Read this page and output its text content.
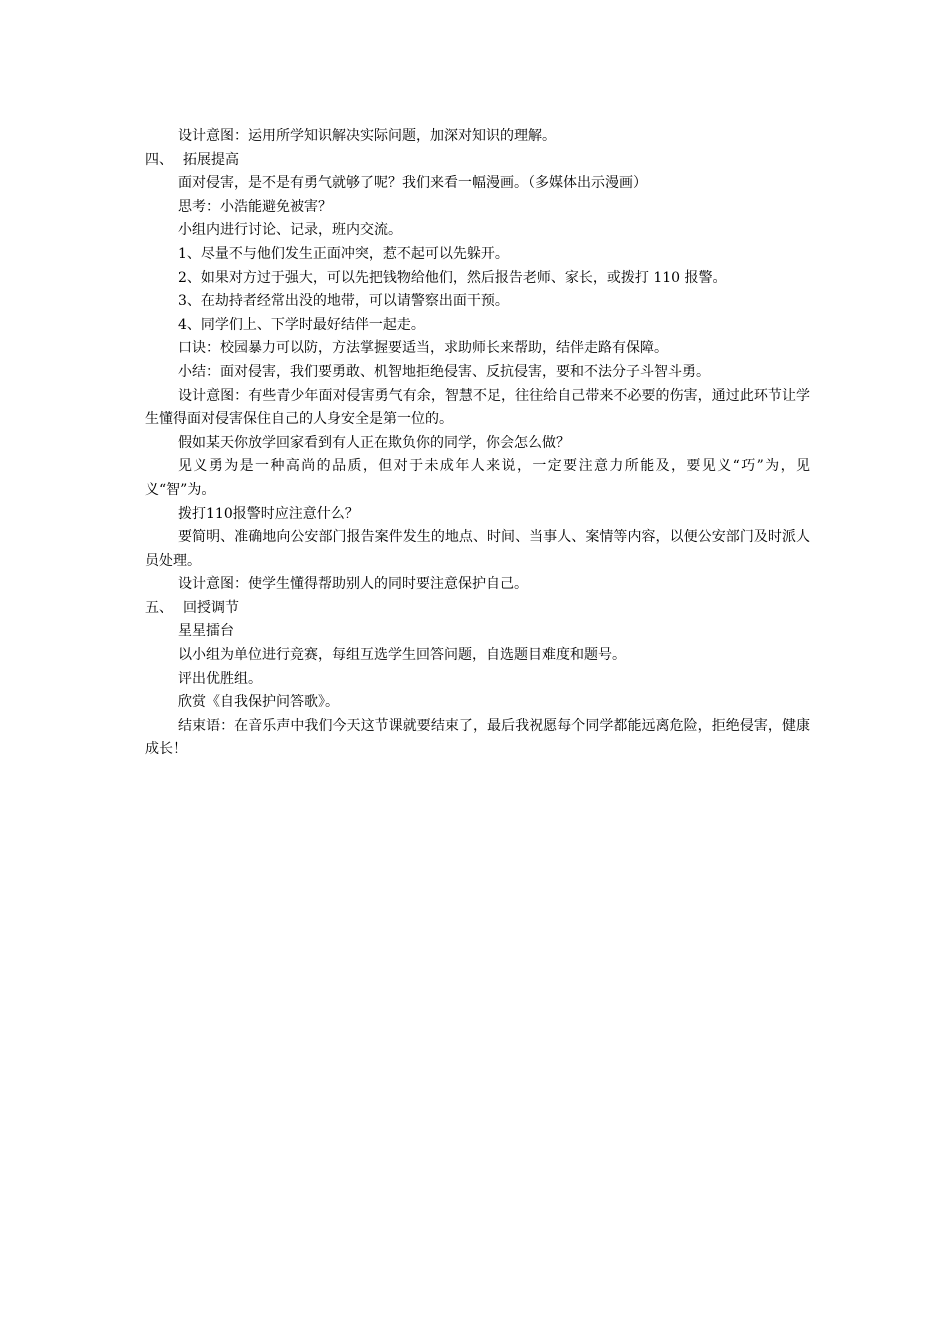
设计意图：运用所学知识解决实际问题，加深对知识的理解。
四、 拓展提高
面对侵害，是不是有勇气就够了呢？我们来看一幅漫画。（多媒体出示漫画）
思考：小浩能避免被害？
小组内进行讨论、记录，班内交流。
1、尽量不与他们发生正面冲突，惹不起可以先躲开。
2、如果对方过于强大，可以先把钱物给他们，然后报告老师、家长，或拨打 110 报警。
3、在劫持者经常出没的地带，可以请警察出面干预。
4、同学们上、下学时最好结伴一起走。
口诀：校园暴力可以防，方法掌握要适当，求助师长来帮助，结伴走路有保障。
小结：面对侵害，我们要勇敢、机智地拒绝侵害、反抗侵害，要和不法分子斗智斗勇。
设计意图：有些青少年面对侵害勇气有余，智慧不足，往往给自己带来不必要的伤害，通过此环节让学生懂得面对侵害保住自己的人身安全是第一位的。
假如某天你放学回家看到有人正在欺负你的同学，你会怎么做？
见义勇为是一种高尚的品质，但对于未成年人来说，一定要注意力所能及，要见义“巧”为，见义“智”为。
拨打110报警时应注意什么？
要简明、准确地向公安部门报告案件发生的地点、时间、当事人、案情等内容，以便公安部门及时派人员处理。
设计意图：使学生懂得帮助别人的同时要注意保护自己。
五、 回授调节
星星擂台
以小组为单位进行竞赛，每组互选学生回答问题，自选题目难度和题号。
评出优胜组。
欣赏《自我保护问答歌》。
结束语：在音乐声中我们今天这节课就要结束了，最后我祝愿每个同学都能远离危险，拒绝侵害，健康成长！
